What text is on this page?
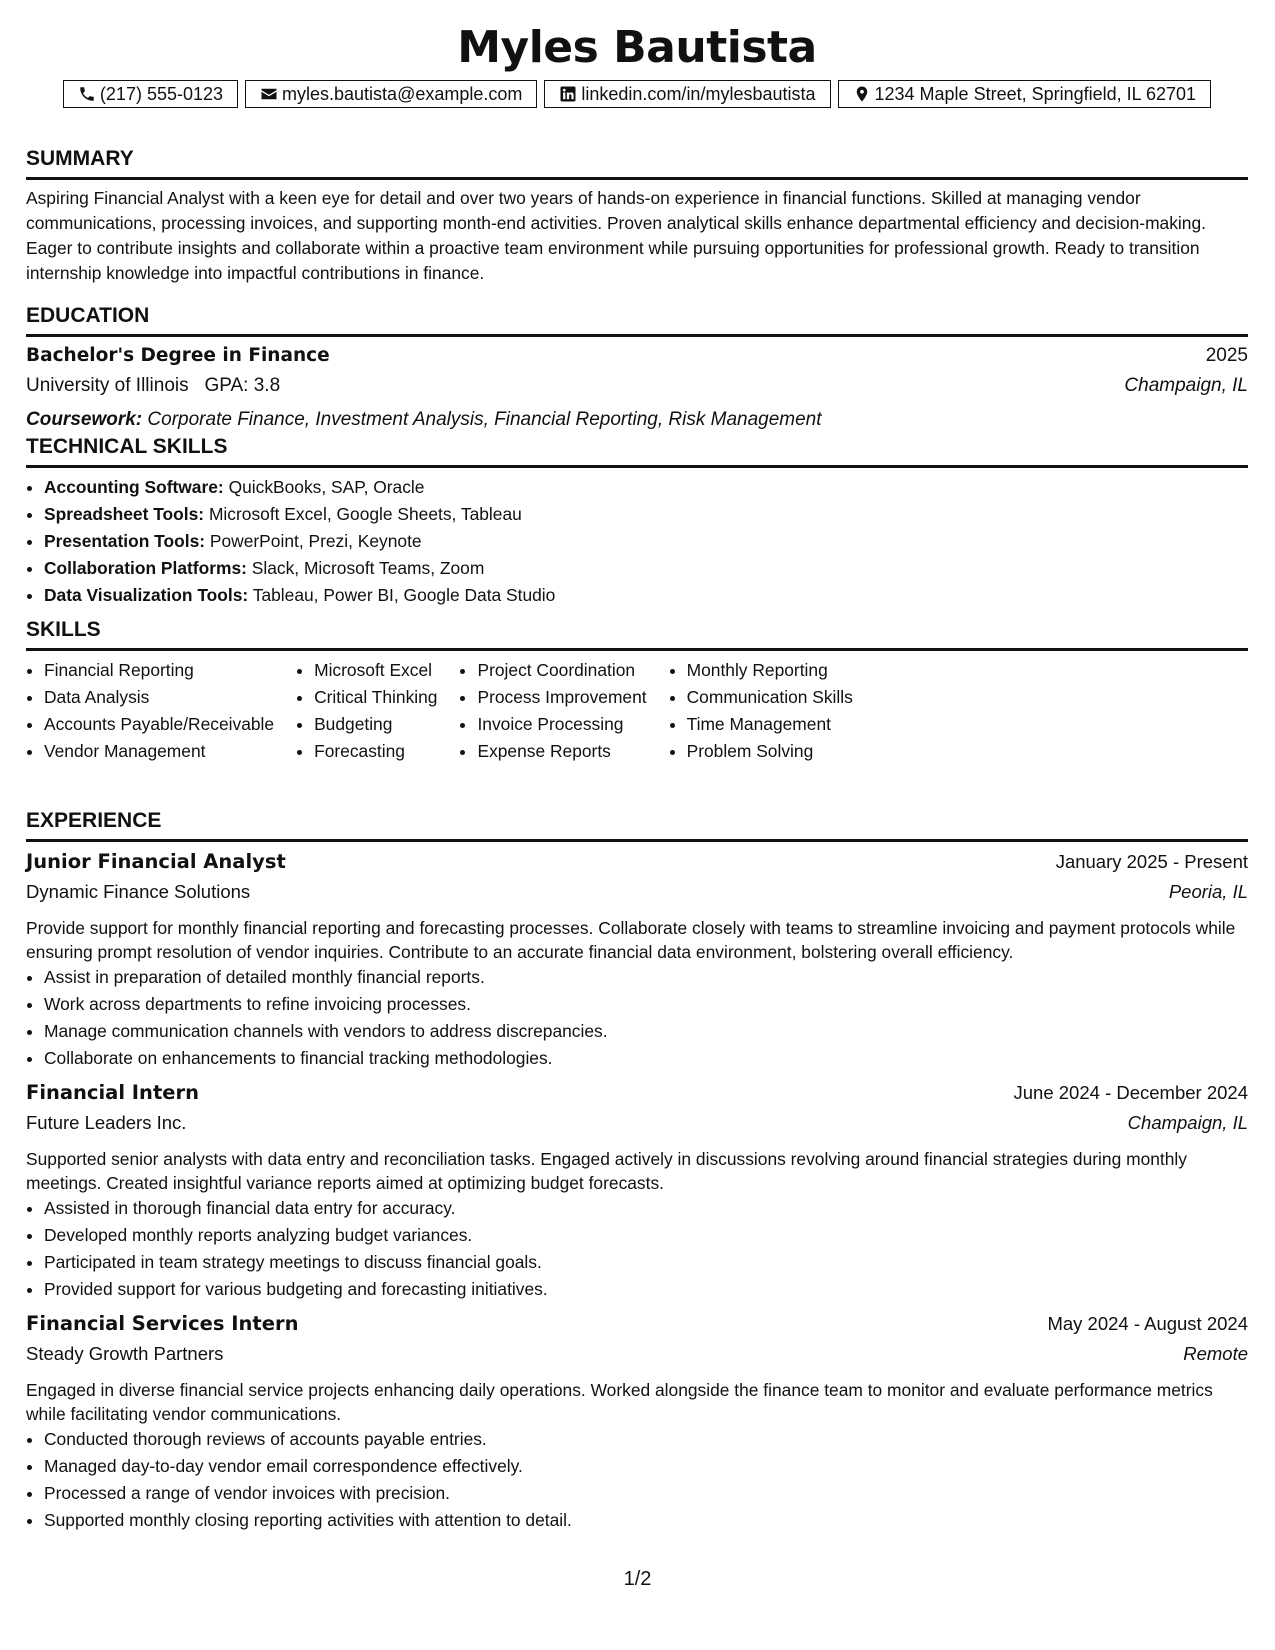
Myles Bautista
(217) 555-0123	myles.bautista@example.com	linkedin.com/in/mylesbautista	1234 Maple Street, Springfield, IL 62701
SUMMARY

Aspiring Financial Analyst with a keen eye for detail and over two years of hands-on experience in financial functions. Skilled at managing vendor communications, processing invoices, and supporting month-end activities. Proven analytical skills enhance departmental efficiency and decision-making. Eager to contribute insights and collaborate within a proactive team environment while pursuing opportunities for professional growth. Ready to transition internship knowledge into impactful contributions in finance.

EDUCATION
Bachelor's Degree in Finance	2025
University of Illinois GPA: 3.8	Champaign, IL
Coursework: Corporate Finance, Investment Analysis, Financial Reporting, Risk Management
TECHNICAL SKILLS
• Accounting Software: QuickBooks, SAP, Oracle
• Spreadsheet Tools: Microsoft Excel, Google Sheets, Tableau
• Presentation Tools: PowerPoint, Prezi, Keynote
• Collaboration Platforms: Slack, Microsoft Teams, Zoom
• Data Visualization Tools: Tableau, Power BI, Google Data Studio
SKILLS
• Financial Reporting
• Data Analysis
• Accounts Payable/Receivable
• Vendor Management
• Microsoft Excel
• Critical Thinking
• Budgeting
• Forecasting
• Project Coordination
• Process Improvement
• Invoice Processing
• Expense Reports
• Monthly Reporting
• Communication Skills
• Time Management
• Problem Solving
EXPERIENCE
Junior Financial Analyst	January 2025 - Present
Dynamic Finance Solutions	Peoria, IL

Provide support for monthly financial reporting and forecasting processes. Collaborate closely with teams to streamline invoicing and payment protocols while ensuring prompt resolution of vendor inquiries. Contribute to an accurate financial data environment, bolstering overall efficiency.

• Assist in preparation of detailed monthly financial reports.
• Work across departments to refine invoicing processes.
• Manage communication channels with vendors to address discrepancies.
• Collaborate on enhancements to financial tracking methodologies.
Financial Intern	June 2024 - December 2024
Future Leaders Inc.	Champaign, IL

Supported senior analysts with data entry and reconciliation tasks. Engaged actively in discussions revolving around financial strategies during monthly meetings. Created insightful variance reports aimed at optimizing budget forecasts.

• Assisted in thorough financial data entry for accuracy.
• Developed monthly reports analyzing budget variances.
• Participated in team strategy meetings to discuss financial goals.
• Provided support for various budgeting and forecasting initiatives.
Financial Services Intern	May 2024 - August 2024
Steady Growth Partners	Remote

Engaged in diverse financial service projects enhancing daily operations. Worked alongside the finance team to monitor and evaluate performance metrics while facilitating vendor communications.

• Conducted thorough reviews of accounts payable entries.
• Managed day-to-day vendor email correspondence effectively.
• Processed a range of vendor invoices with precision.
• Supported monthly closing reporting activities with attention to detail.
1/2
